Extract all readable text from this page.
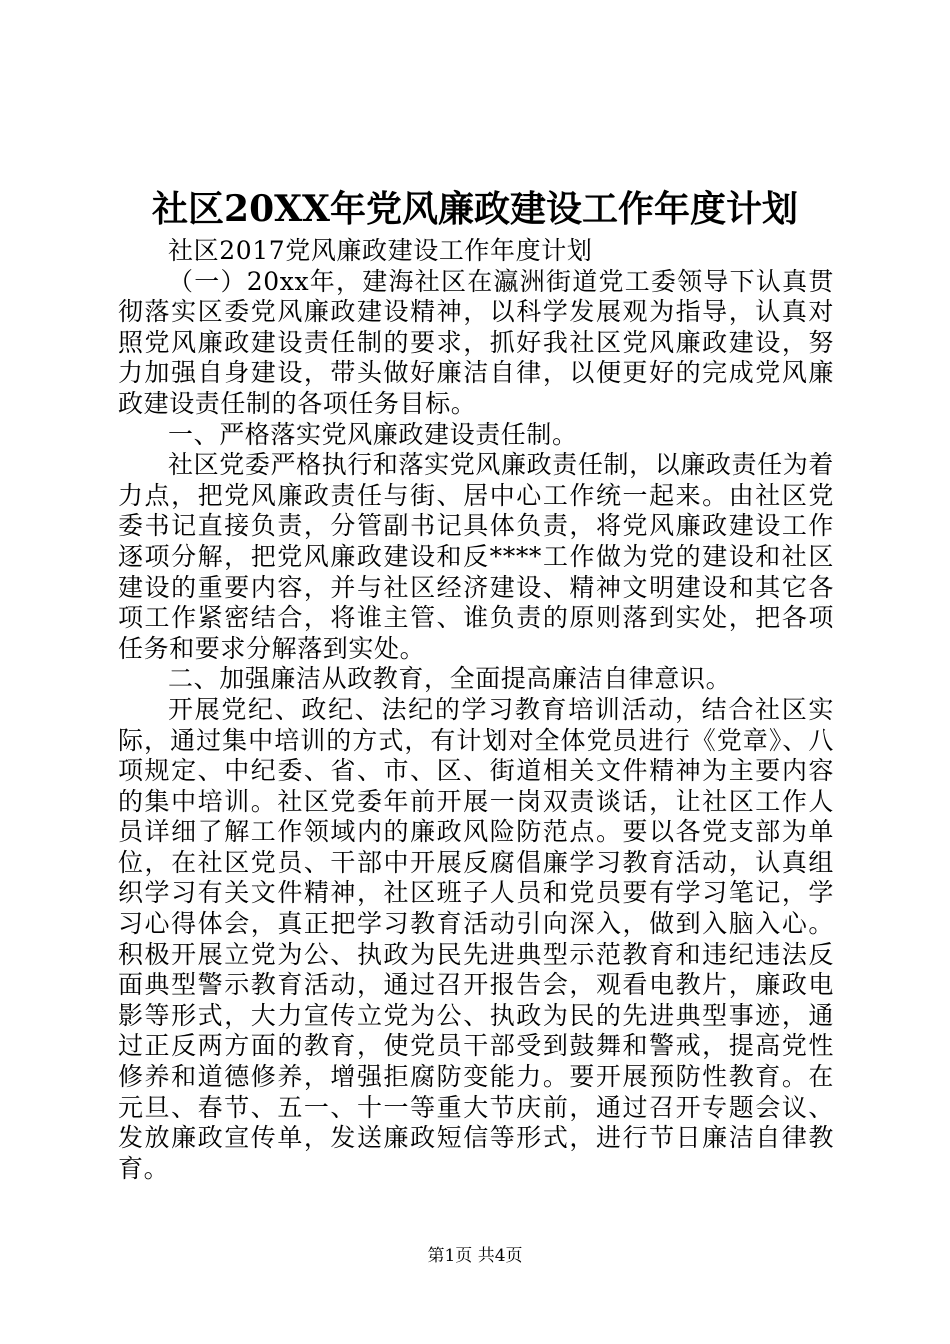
社区20XX年党风廉政建设工作年度计划

社区2017党风廉政建设工作年度计划

（一）20xx年，建海社区在瀛洲街道党工委领导下认真贯彻落实区委党风廉政建设精神，以科学发展观为指导，认真对照党风廉政建设责任制的要求，抓好我社区党风廉政建设，努力加强自身建设，带头做好廉洁自律，以便更好的完成党风廉政建设责任制的各项任务目标。

一、严格落实党风廉政建设责任制。

社区党委严格执行和落实党风廉政责任制，以廉政责任为着力点，把党风廉政责任与街、居中心工作统一起来。由社区党委书记直接负责，分管副书记具体负责，将党风廉政建设工作逐项分解，把党风廉政建设和反****工作做为党的建设和社区建设的重要内容，并与社区经济建设、精神文明建设和其它各项工作紧密结合，将谁主管、谁负责的原则落到实处，把各项任务和要求分解落到实处。

二、加强廉洁从政教育，全面提高廉洁自律意识。

开展党纪、政纪、法纪的学习教育培训活动，结合社区实际，通过集中培训的方式，有计划对全体党员进行《党章》、八项规定、中纪委、省、市、区、街道相关文件精神为主要内容的集中培训。社区党委年前开展一岗双责谈话，让社区工作人员详细了解工作领域内的廉政风险防范点。要以各党支部为单位，在社区党员、干部中开展反腐倡廉学习教育活动，认真组织学习有关文件精神，社区班子人员和党员要有学习笔记，学习心得体会，真正把学习教育活动引向深入，做到入脑入心。积极开展立党为公、执政为民先进典型示范教育和违纪违法反面典型警示教育活动，通过召开报告会，观看电教片，廉政电影等形式，大力宣传立党为公、执政为民的先进典型事迹，通过正反两方面的教育，使党员干部受到鼓舞和警戒，提高党性修养和道德修养，增强拒腐防变能力。要开展预防性教育。在元旦、春节、五一、十一等重大节庆前，通过召开专题会议、发放廉政宣传单，发送廉政短信等形式，进行节日廉洁自律教育。

第1页 共4页
